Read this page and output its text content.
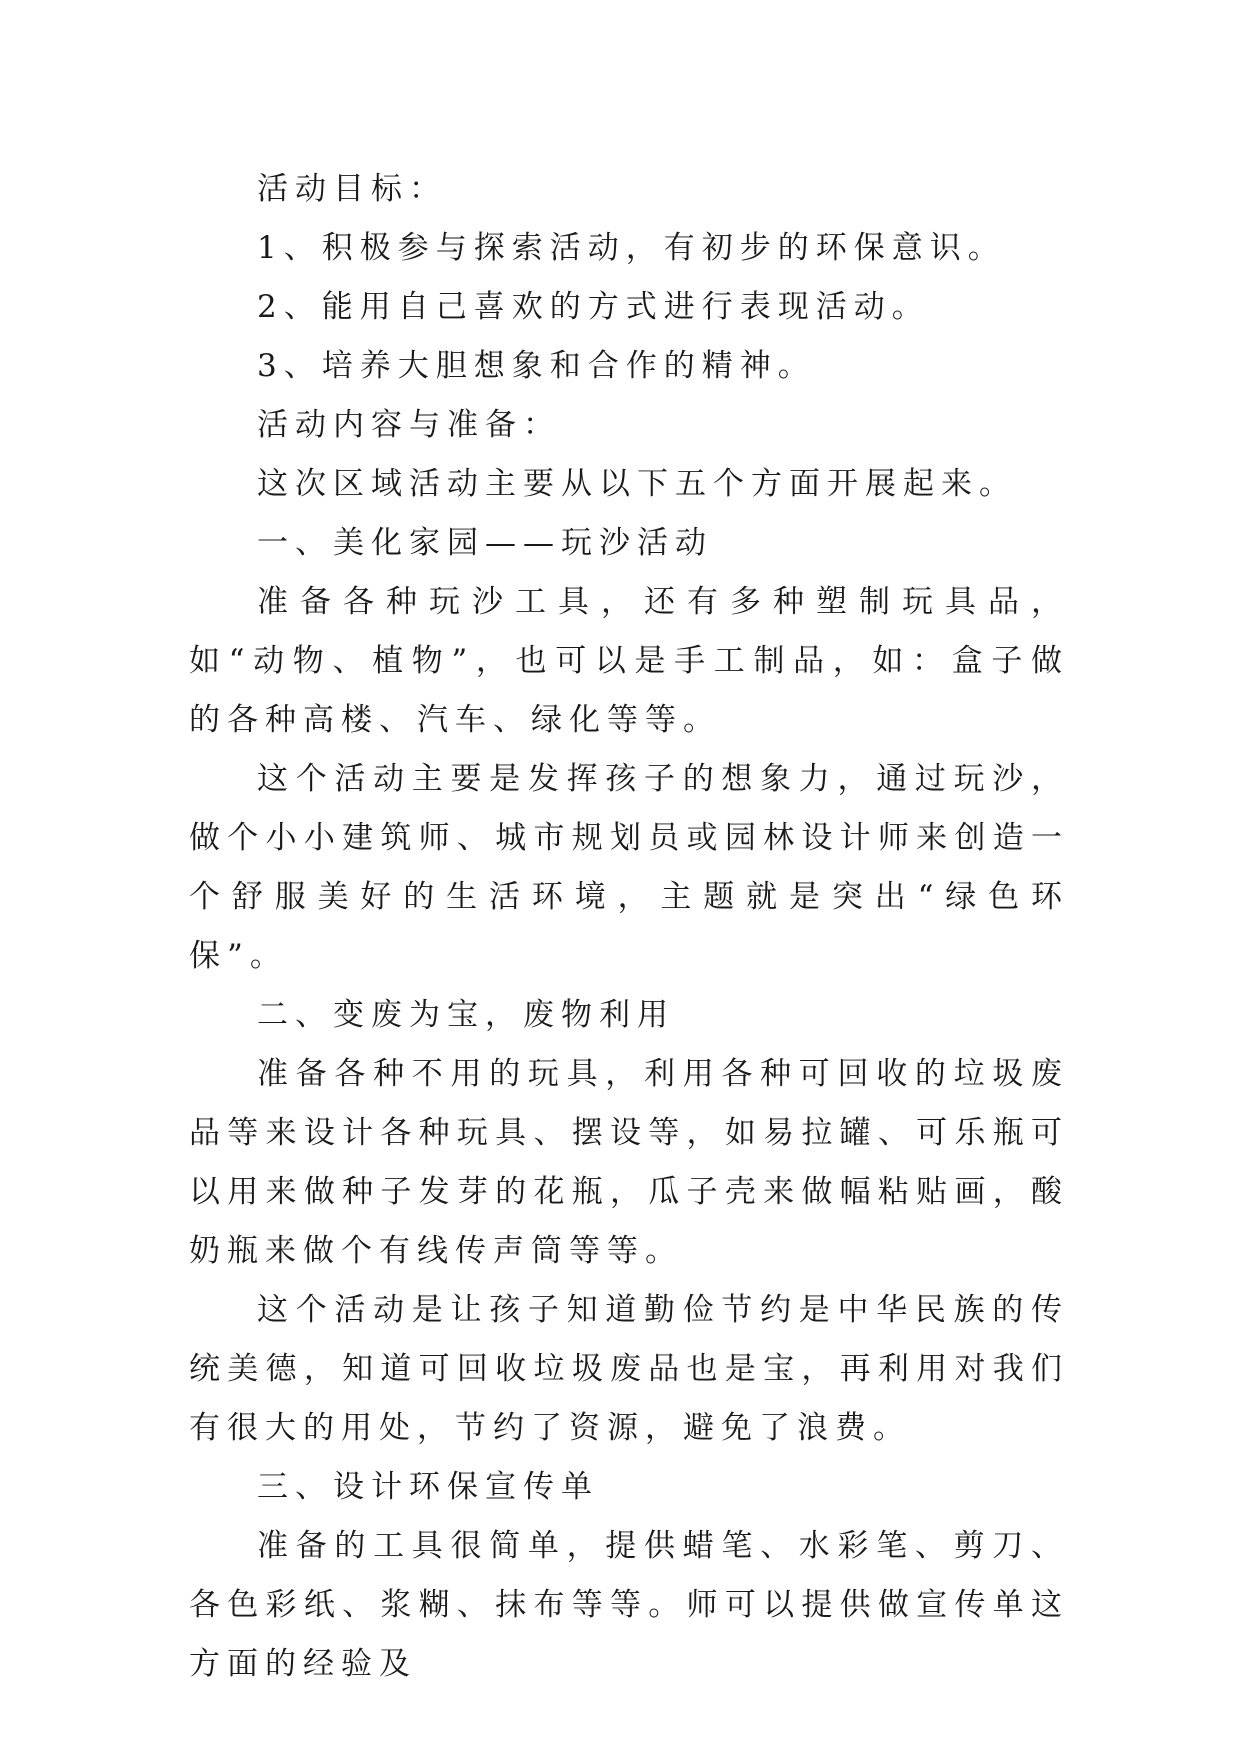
活动目标：

1、积极参与探索活动，有初步的环保意识。

2、能用自己喜欢的方式进行表现活动。

3、培养大胆想象和合作的精神。

活动内容与准备：

这次区域活动主要从以下五个方面开展起来。

一、美化家园——玩沙活动

准备各种玩沙工具，还有多种塑制玩具品，如“动物、植物”，也可以是手工制品，如：盒子做的各种高楼、汽车、绿化等等。

这个活动主要是发挥孩子的想象力，通过玩沙，做个小小建筑师、城市规划员或园林设计师来创造一个舒服美好的生活环境，主题就是突出“绿色环保”。

二、变废为宝，废物利用

准备各种不用的玩具，利用各种可回收的垃圾废品等来设计各种玩具、摆设等，如易拉罐、可乐瓶可以用来做种子发芽的花瓶，瓜子壳来做幅粘贴画，酸奶瓶来做个有线传声筒等等。

这个活动是让孩子知道勤俭节约是中华民族的传统美德，知道可回收垃圾废品也是宝，再利用对我们有很大的用处，节约了资源，避免了浪费。

三、设计环保宣传单

准备的工具很简单，提供蜡笔、水彩笔、剪刀、各色彩纸、浆糊、抹布等等。师可以提供做宣传单这方面的经验及
